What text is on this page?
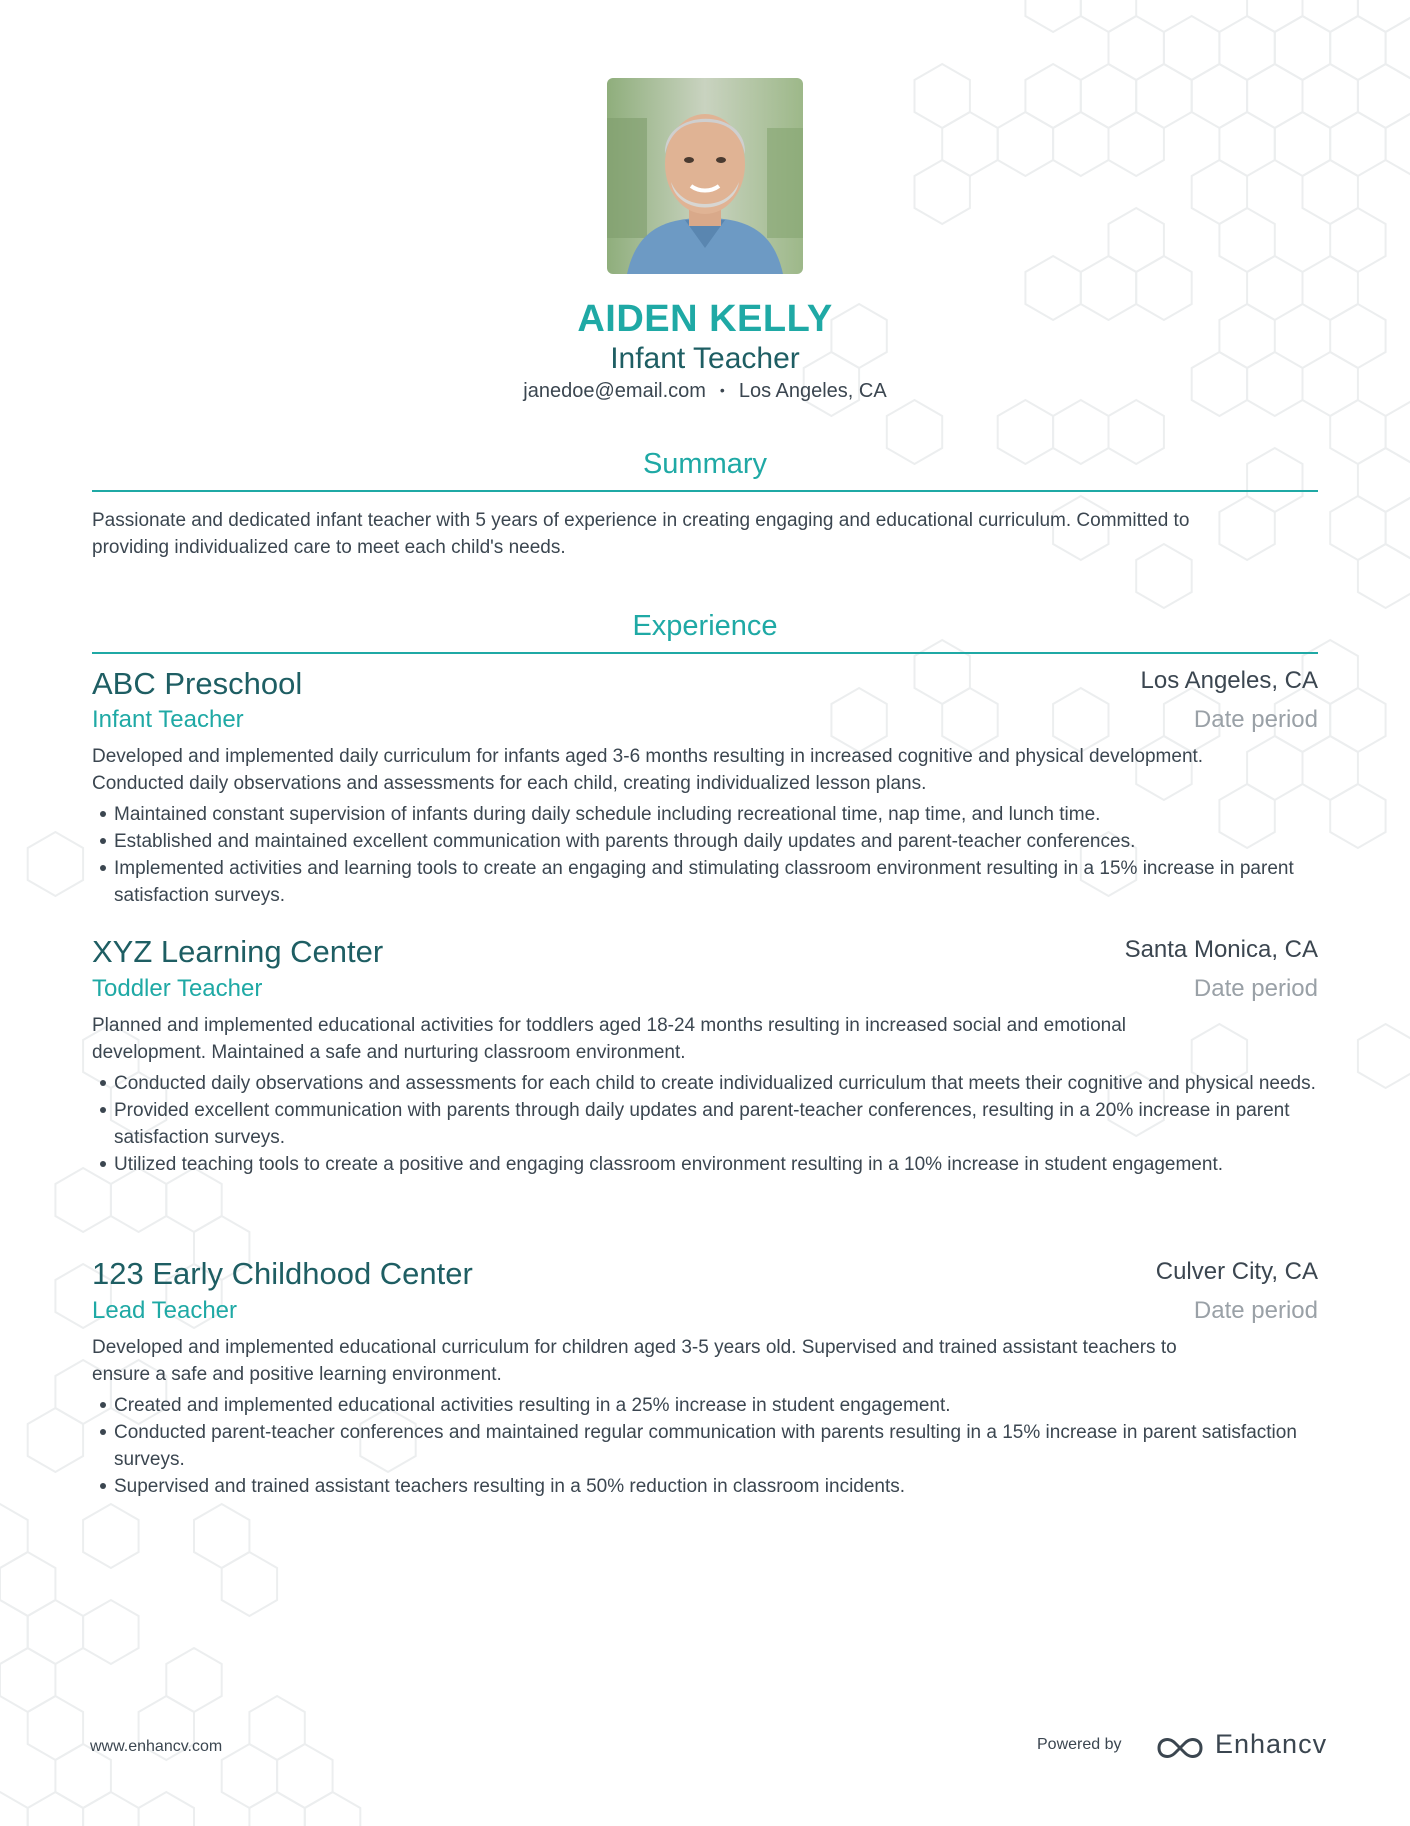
AIDEN KELLY
Infant Teacher
janedoe@email.com • Los Angeles, CA
Summary
Passionate and dedicated infant teacher with 5 years of experience in creating engaging and educational curriculum. Committed to
providing individualized care to meet each child's needs.
Experience
ABC Preschool	Los Angeles, CA
Infant Teacher	Date period
Developed and implemented daily curriculum for infants aged 3-6 months resulting in increased cognitive and physical development.
Conducted daily observations and assessments for each child, creating individualized lesson plans.
Maintained constant supervision of infants during daily schedule including recreational time, nap time, and lunch time.
Established and maintained excellent communication with parents through daily updates and parent-teacher conferences.
Implemented activities and learning tools to create an engaging and stimulating classroom environment resulting in a 15% increase in parent satisfaction surveys.
XYZ Learning Center	Santa Monica, CA
Toddler Teacher	Date period
Planned and implemented educational activities for toddlers aged 18-24 months resulting in increased social and emotional
development. Maintained a safe and nurturing classroom environment.
Conducted daily observations and assessments for each child to create individualized curriculum that meets their cognitive and physical needs.
Provided excellent communication with parents through daily updates and parent-teacher conferences, resulting in a 20% increase in parent satisfaction surveys.
Utilized teaching tools to create a positive and engaging classroom environment resulting in a 10% increase in student engagement.
123 Early Childhood Center	Culver City, CA
Lead Teacher	Date period
Developed and implemented educational curriculum for children aged 3-5 years old. Supervised and trained assistant teachers to
ensure a safe and positive learning environment.
Created and implemented educational activities resulting in a 25% increase in student engagement.
Conducted parent-teacher conferences and maintained regular communication with parents resulting in a 15% increase in parent satisfaction surveys.
Supervised and trained assistant teachers resulting in a 50% reduction in classroom incidents.
www.enhancv.com	Powered by	Enhancv
